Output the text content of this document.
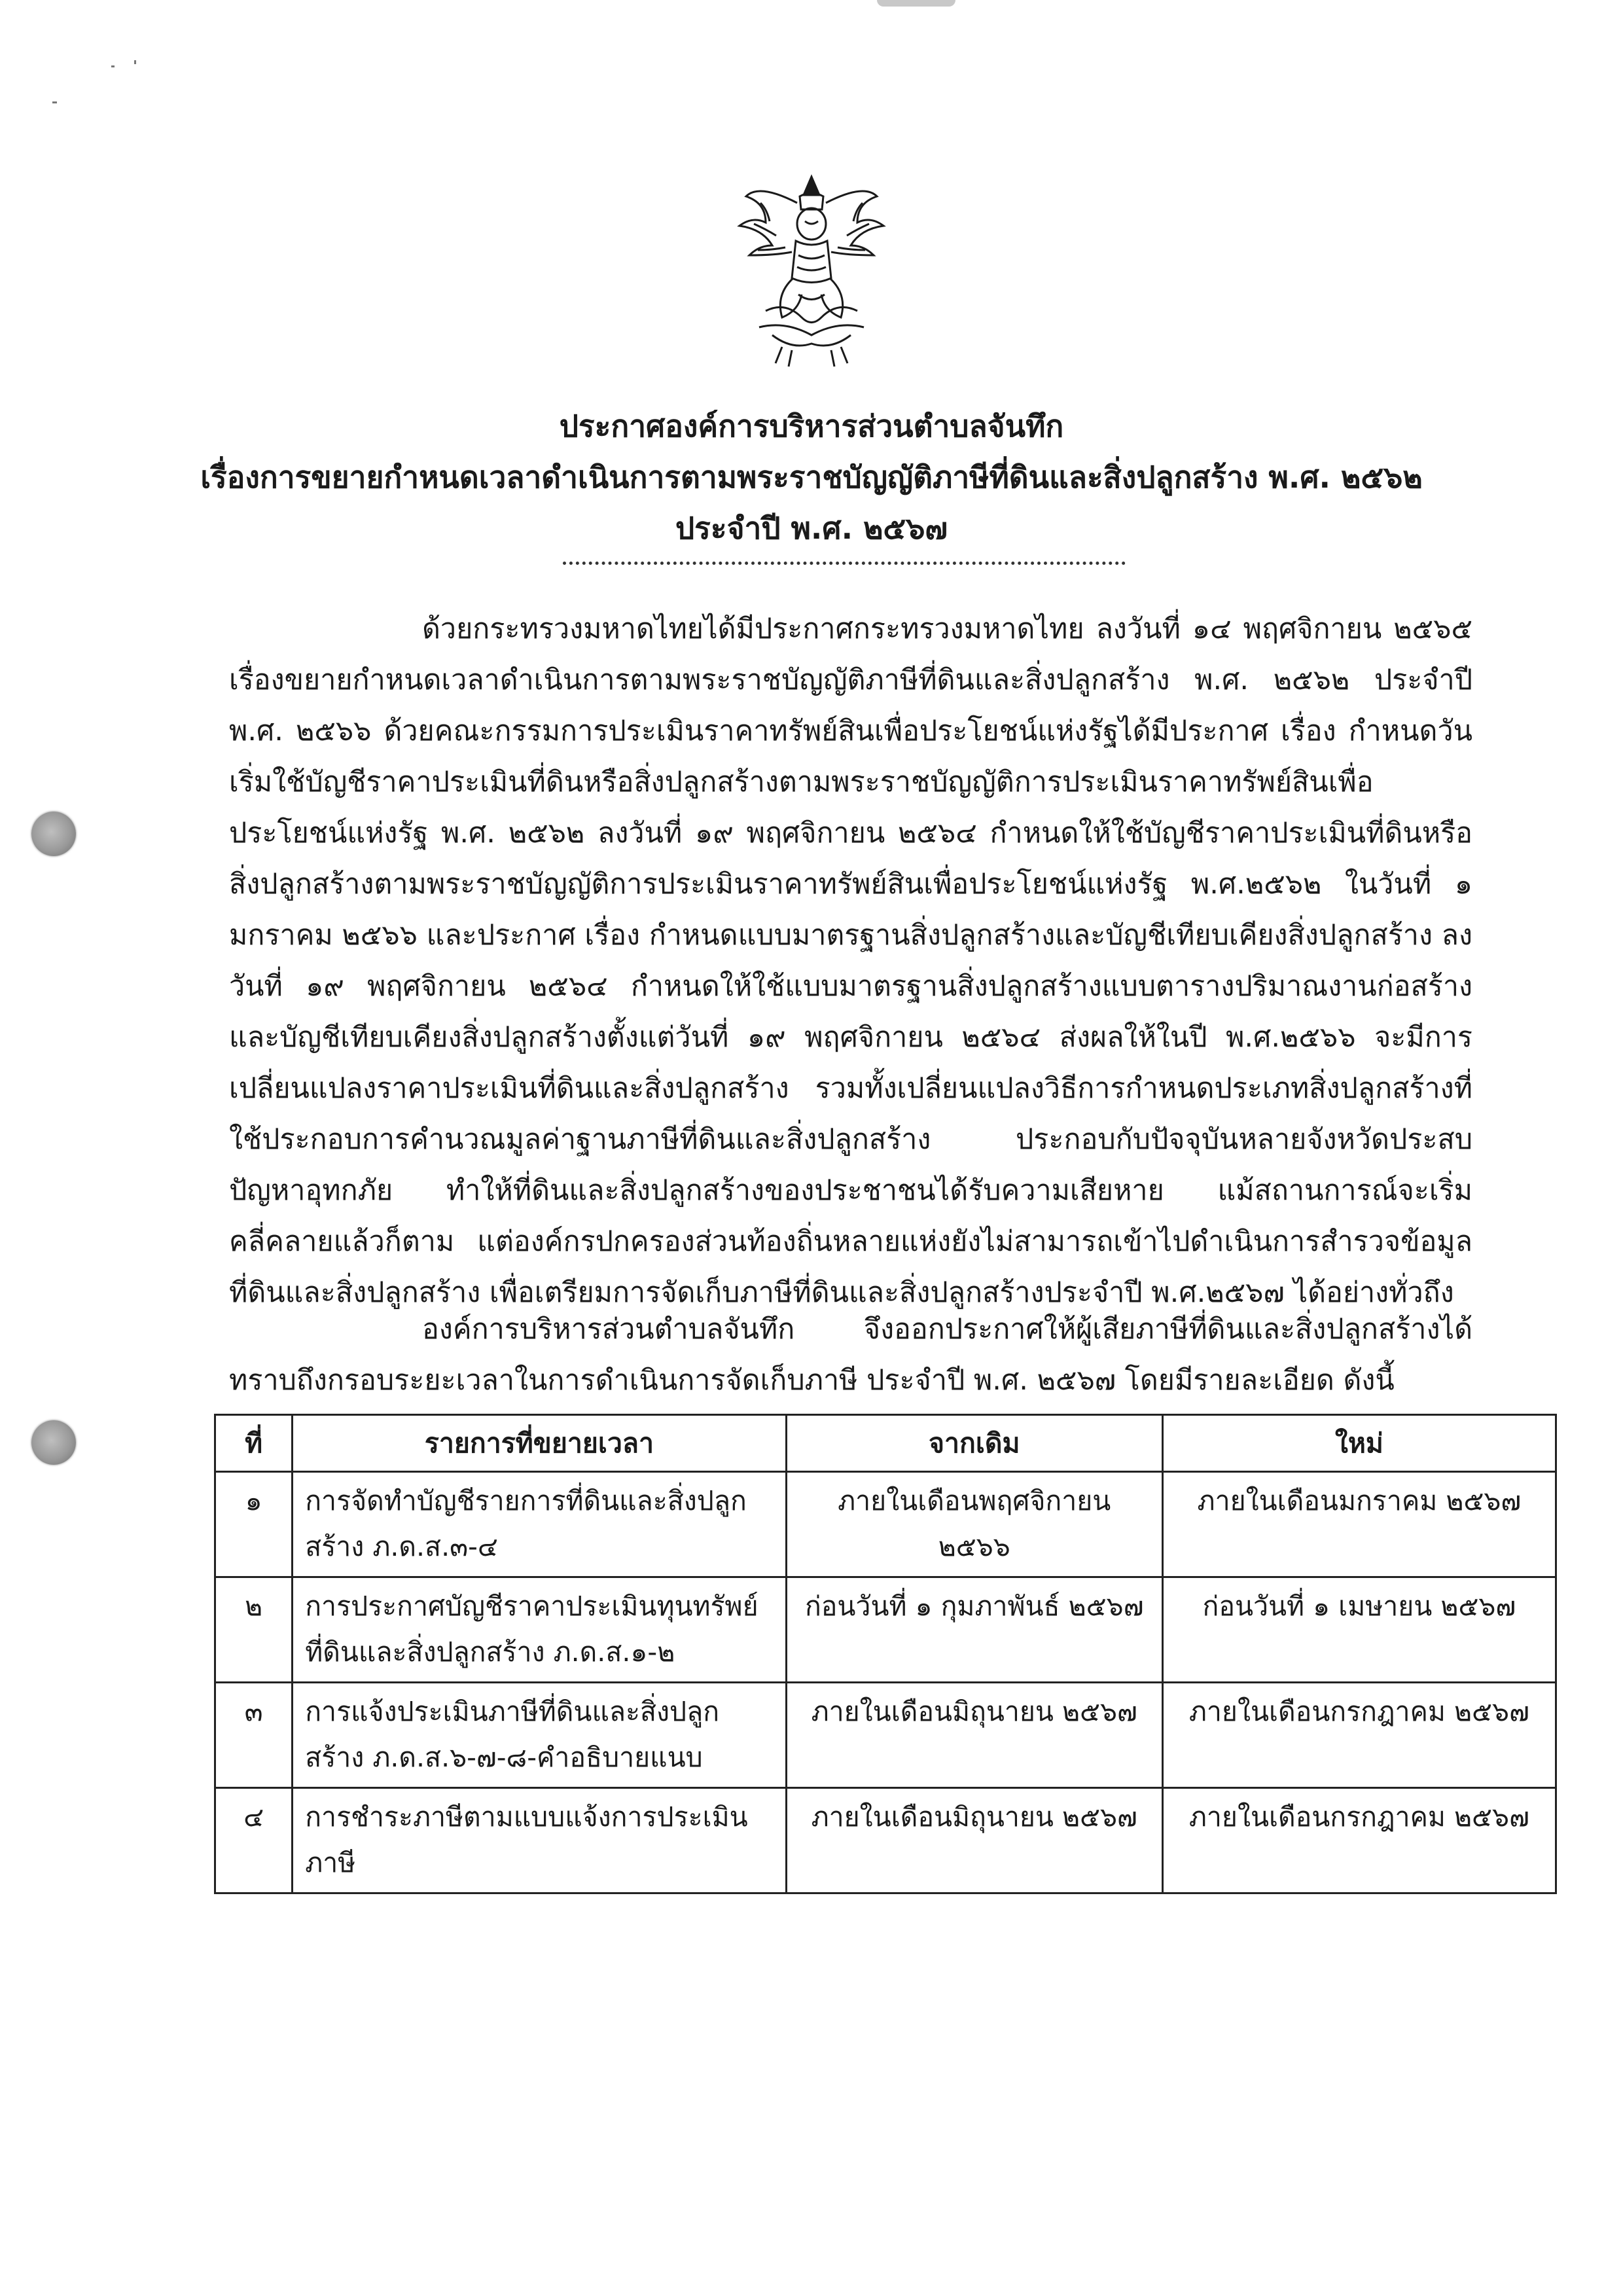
ประกาศองค์การบริหารส่วนตำบลจันทึก
เรื่องการขยายกำหนดเวลาดำเนินการตามพระราชบัญญัติภาษีที่ดินและสิ่งปลูกสร้าง พ.ศ. ๒๕๖๒
ประจำปี พ.ศ. ๒๕๖๗
ด้วยกระทรวงมหาดไทยได้มีประกาศกระทรวงมหาดไทย ลงวันที่ ๑๔ พฤศจิกายน ๒๕๖๕ เรื่องขยายกำหนดเวลาดำเนินการตามพระราชบัญญัติภาษีที่ดินและสิ่งปลูกสร้าง พ.ศ. ๒๕๖๒ ประจำปี พ.ศ. ๒๕๖๖ ด้วยคณะกรรมการประเมินราคาทรัพย์สินเพื่อประโยชน์แห่งรัฐได้มีประกาศ เรื่อง กำหนดวันเริ่มใช้บัญชีราคาประเมินที่ดินหรือสิ่งปลูกสร้างตามพระราชบัญญัติการประเมินราคาทรัพย์สินเพื่อประโยชน์แห่งรัฐ พ.ศ. ๒๕๖๒ ลงวันที่ ๑๙ พฤศจิกายน ๒๕๖๔ กำหนดให้ใช้บัญชีราคาประเมินที่ดินหรือสิ่งปลูกสร้างตามพระราชบัญญัติการประเมินราคาทรัพย์สินเพื่อประโยชน์แห่งรัฐ พ.ศ.๒๕๖๒ ในวันที่ ๑ มกราคม ๒๕๖๖ และประกาศ เรื่อง กำหนดแบบมาตรฐานสิ่งปลูกสร้างและบัญชีเทียบเคียงสิ่งปลูกสร้าง ลงวันที่ ๑๙ พฤศจิกายน ๒๕๖๔ กำหนดให้ใช้แบบมาตรฐานสิ่งปลูกสร้างแบบตารางปริมาณงานก่อสร้าง และบัญชีเทียบเคียงสิ่งปลูกสร้างตั้งแต่วันที่ ๑๙ พฤศจิกายน ๒๕๖๔ ส่งผลให้ในปี พ.ศ.๒๕๖๖ จะมีการเปลี่ยนแปลงราคาประเมินที่ดินและสิ่งปลูกสร้าง รวมทั้งเปลี่ยนแปลงวิธีการกำหนดประเภทสิ่งปลูกสร้างที่ใช้ประกอบการคำนวณมูลค่าฐานภาษีที่ดินและสิ่งปลูกสร้าง ประกอบกับปัจจุบันหลายจังหวัดประสบปัญหาอุทกภัย ทำให้ที่ดินและสิ่งปลูกสร้างของประชาชนได้รับความเสียหาย แม้สถานการณ์จะเริ่มคลี่คลายแล้วก็ตาม แต่องค์กรปกครองส่วนท้องถิ่นหลายแห่งยังไม่สามารถเข้าไปดำเนินการสำรวจข้อมูลที่ดินและสิ่งปลูกสร้าง เพื่อเตรียมการจัดเก็บภาษีที่ดินและสิ่งปลูกสร้างประจำปี พ.ศ.๒๕๖๗ ได้อย่างทั่วถึง
องค์การบริหารส่วนตำบลจันทึก จึงออกประกาศให้ผู้เสียภาษีที่ดินและสิ่งปลูกสร้างได้ทราบถึงกรอบระยะเวลาในการดำเนินการจัดเก็บภาษี ประจำปี พ.ศ. ๒๕๖๗ โดยมีรายละเอียด ดังนี้
ที่	รายการที่ขยายเวลา	จากเดิม	ใหม่
๑	การจัดทำบัญชีรายการที่ดินและสิ่งปลูกสร้าง ภ.ด.ส.๓-๔	ภายในเดือนพฤศจิกายน ๒๕๖๖	ภายในเดือนมกราคม ๒๕๖๗
๒	การประกาศบัญชีราคาประเมินทุนทรัพย์ที่ดินและสิ่งปลูกสร้าง ภ.ด.ส.๑-๒	ก่อนวันที่ ๑ กุมภาพันธ์ ๒๕๖๗	ก่อนวันที่ ๑ เมษายน ๒๕๖๗
๓	การแจ้งประเมินภาษีที่ดินและสิ่งปลูกสร้าง ภ.ด.ส.๖-๗-๘-คำอธิบายแนบ	ภายในเดือนมิถุนายน ๒๕๖๗	ภายในเดือนกรกฎาคม ๒๕๖๗
๔	การชำระภาษีตามแบบแจ้งการประเมินภาษี	ภายในเดือนมิถุนายน ๒๕๖๗	ภายในเดือนกรกฎาคม ๒๕๖๗
